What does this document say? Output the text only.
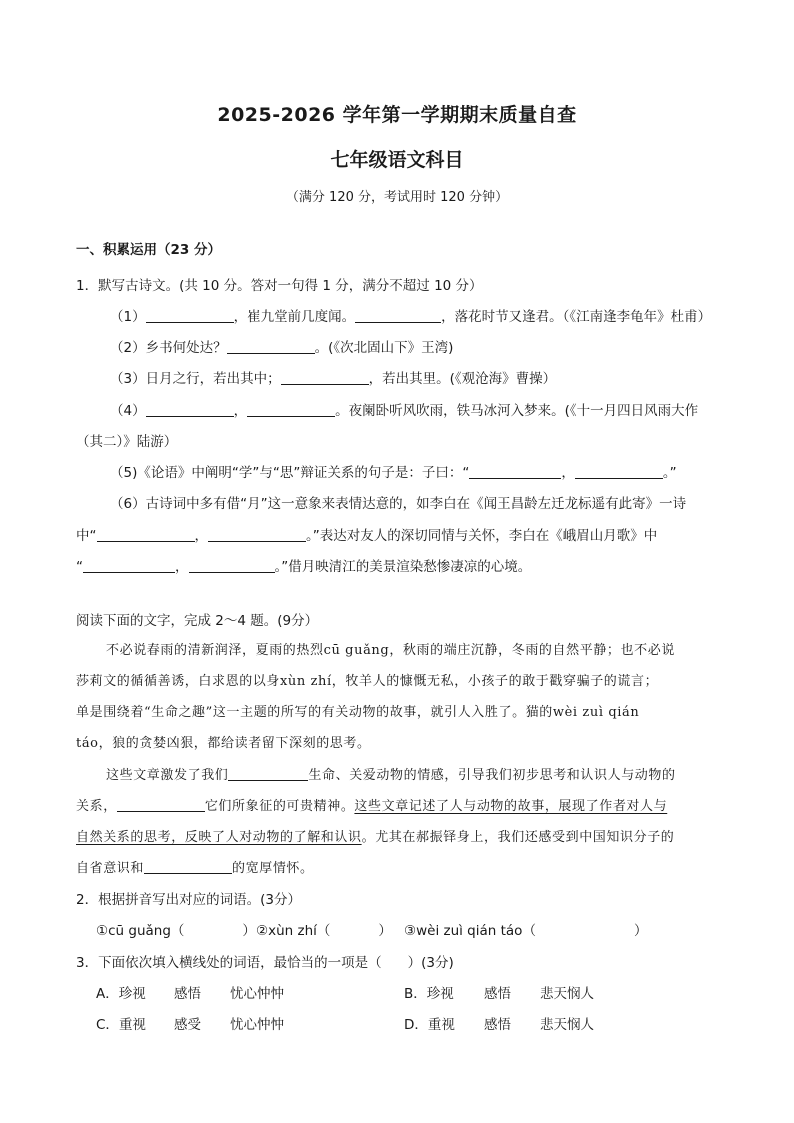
2025-2026 学年第一学期期末质量自查
七年级语文科目
（满分 120 分，考试用时 120 分钟）
一、积累运用（23 分）
1．默写古诗文。(共 10 分。答对一句得 1 分，满分不超过 10 分）
（1）	，崔九堂前几度闻。	，落花时节又逢君。（《江南逢李龟年》杜甫）
（2）乡书何处达？	。(《次北固山下》王湾)
（3）日月之行，若出其中；	，若出其里。(《观沧海》曹操）
（4）	，	。夜阑卧听风吹雨，铁马冰河入梦来。(《十一月四日风雨大作
（其二）》陆游）
（5)《论语》中阐明“学”与“思”辩证关系的句子是：子曰：“	，	。”
（6）古诗词中多有借“月”这一意象来表情达意的，如李白在《闻王昌龄左迁龙标遥有此寄》一诗
中“	，	。”表达对友人的深切同情与关怀，李白在《峨眉山月歌》中
“	，	。”借月映清江的美景渲染愁惨凄凉的心境。
阅读下面的文字，完成 2～4 题。(9分）
不必说春雨的清新润泽，夏雨的热烈cū guǎng，秋雨的端庄沉静，冬雨的自然平静；也不必说
莎莉文的循循善诱，白求恩的以身xùn zhí，牧羊人的慷慨无私，小孩子的敢于戳穿骗子的谎言；
单是围绕着“生命之趣”这一主题的所写的有关动物的故事，就引人入胜了。猫的wèi zuì qián
táo，狼的贪婪凶狠，都给读者留下深刻的思考。
这些文章激发了我们	生命、关爱动物的情感，引导我们初步思考和认识人与动物的
关系，	它们所象征的可贵精神。这些文章记述了人与动物的故事，展现了作者对人与
自然关系的思考，反映了人对动物的了解和认识。尤其在郝振铎身上，我们还感受到中国知识分子的
自省意识和	的宽厚情怀。
2．根据拼音写出对应的词语。(3分）
①cū guǎng（	） ②xùn zhí（	） ③wèi zuì qián táo（	）
3．下面依次填入横线处的词语，最恰当的一项是（ ）(3分)
A．珍视 感悟 忧心忡忡	B．珍视 感悟 悲天悯人
C．重视 感受 忧心忡忡	D．重视 感悟 悲天悯人
